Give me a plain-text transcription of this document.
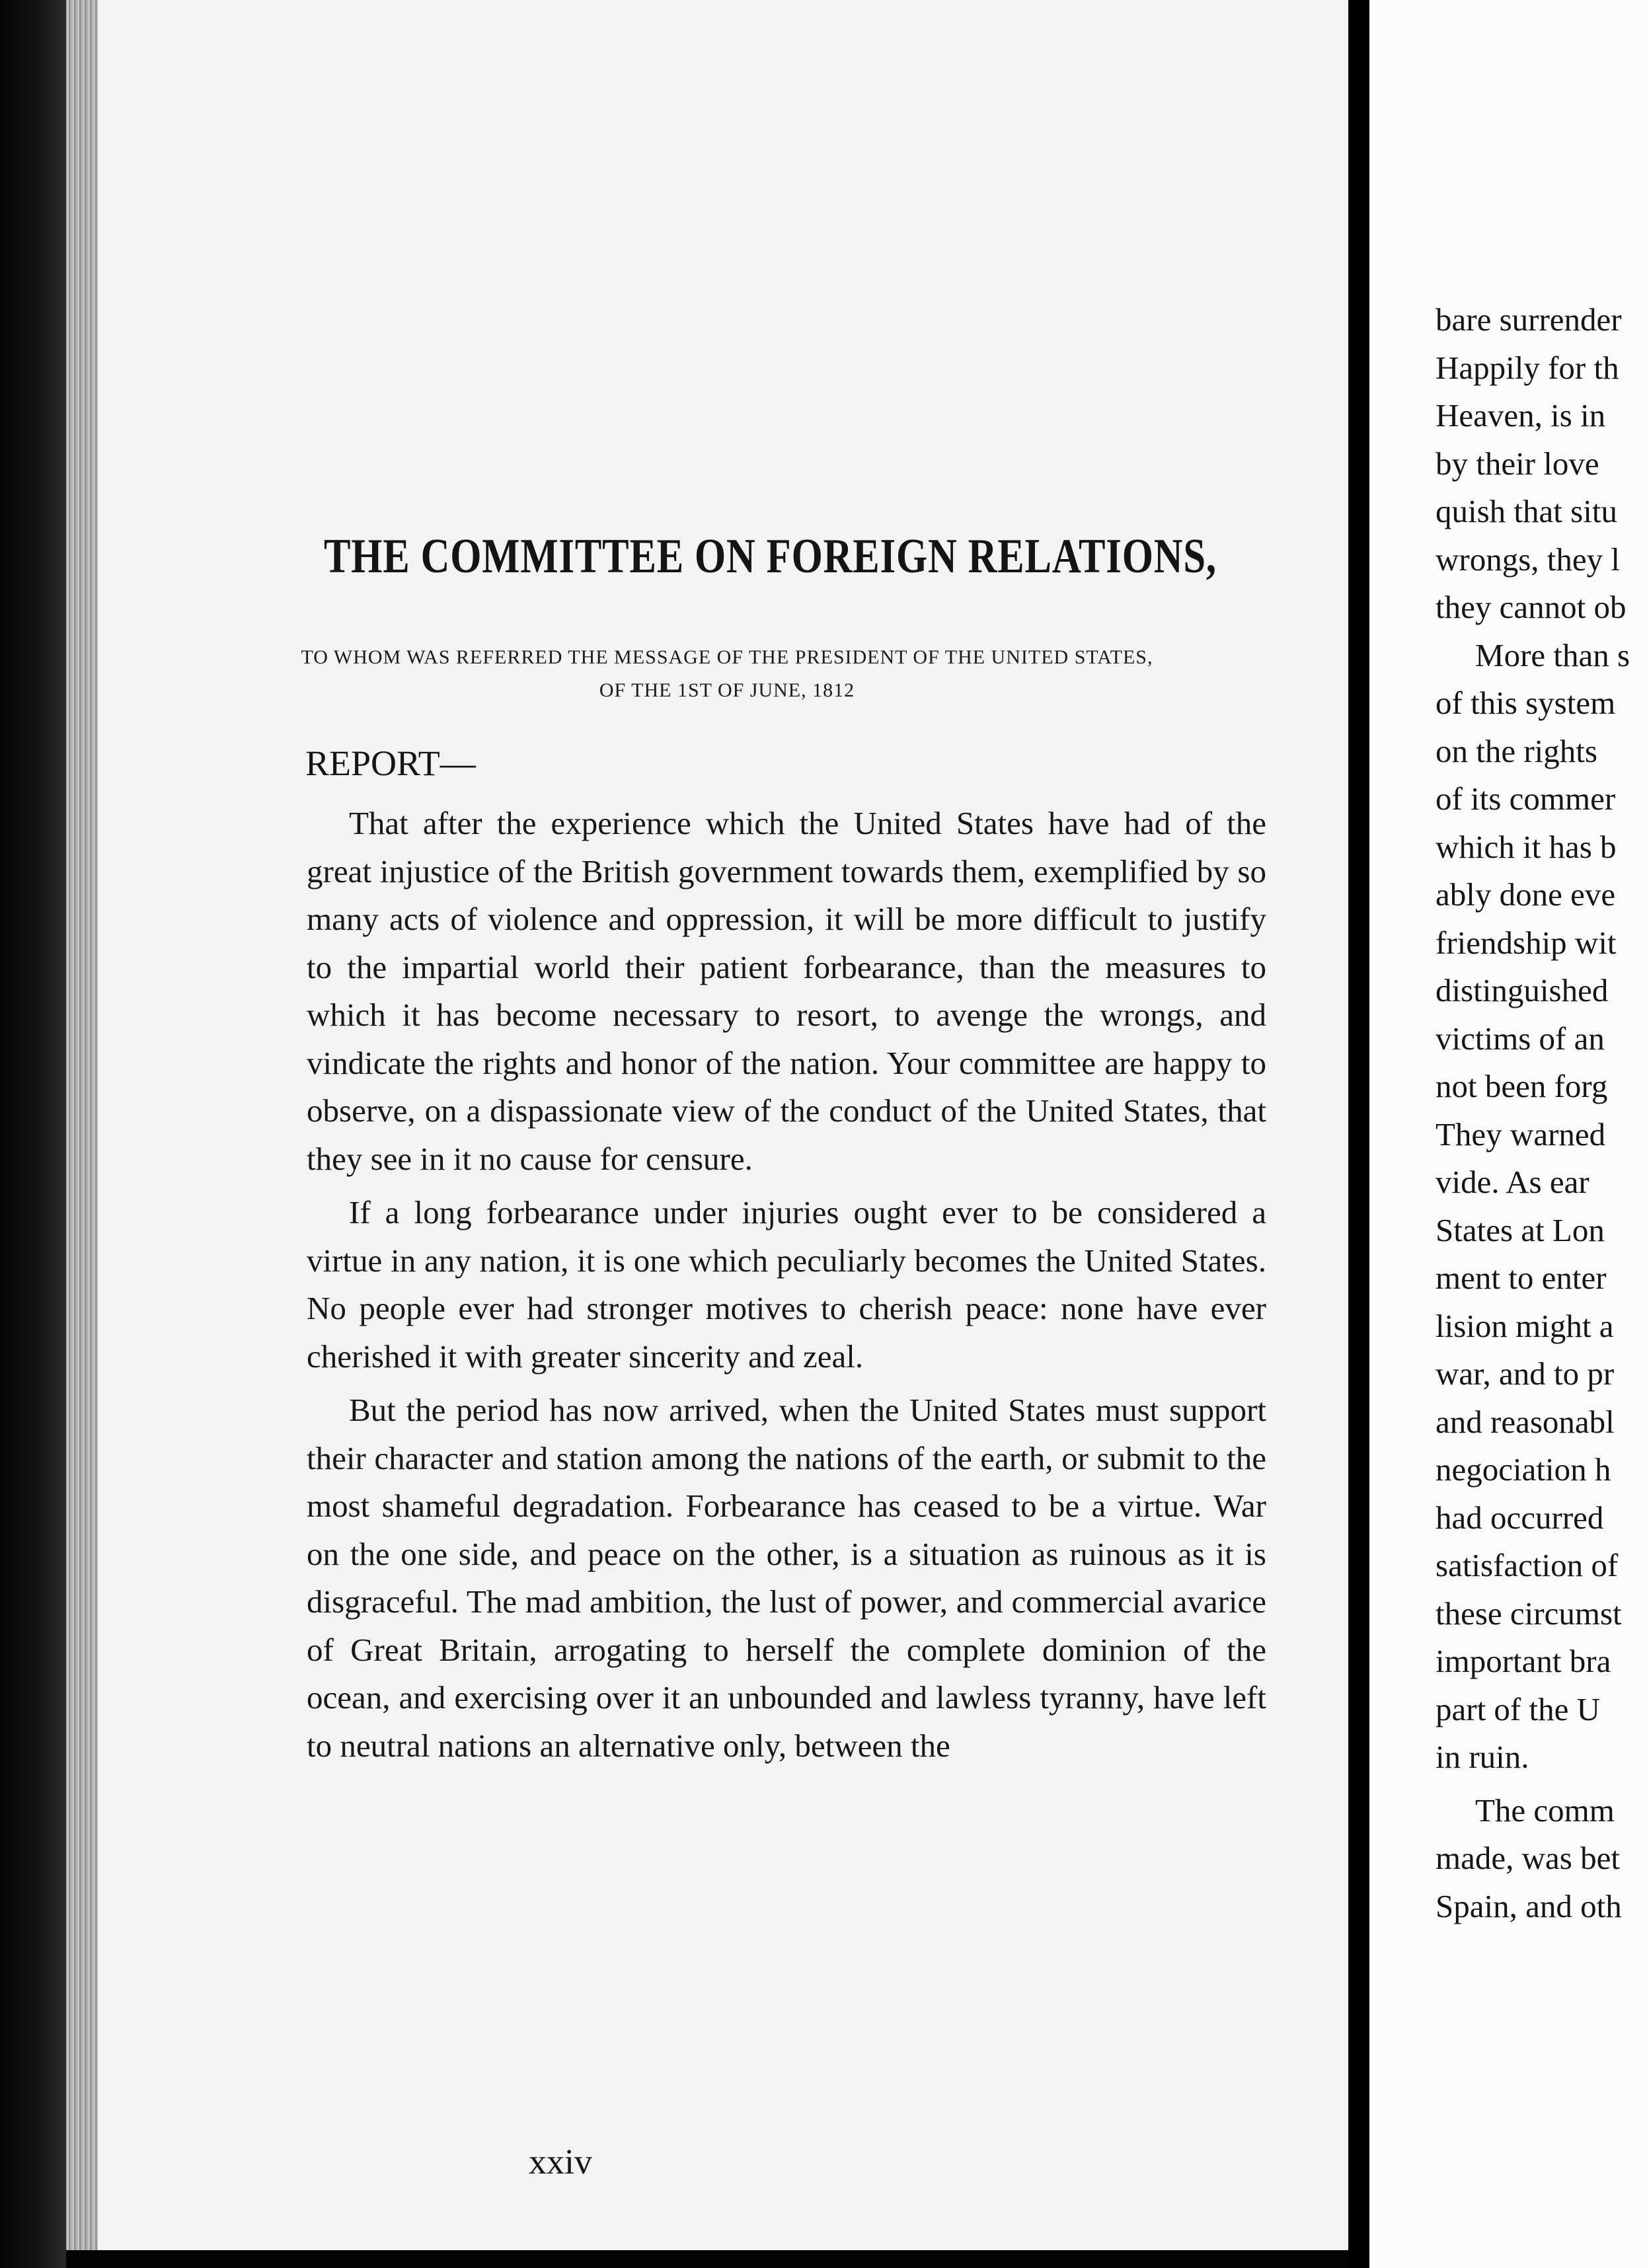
THE COMMITTEE ON FOREIGN RELATIONS,
TO WHOM WAS REFERRED THE MESSAGE OF THE PRESIDENT OF THE UNITED STATES,
OF THE 1ST OF JUNE, 1812
REPORT—

That after the experience which the United States have had of the great injustice of the British government towards them, exemplified by so many acts of violence and oppression, it will be more difficult to justify to the impartial world their patient forbearance, than the measures to which it has become necessary to resort, to avenge the wrongs, and vindicate the rights and honor of the nation. Your committee are happy to observe, on a dispassionate view of the conduct of the United States, that they see in it no cause for censure.

If a long forbearance under injuries ought ever to be considered a virtue in any nation, it is one which peculiarly becomes the United States. No people ever had stronger motives to cherish peace: none have ever cherished it with greater sincerity and zeal.

But the period has now arrived, when the United States must support their character and station among the nations of the earth, or submit to the most shameful degradation. Forbearance has ceased to be a virtue. War on the one side, and peace on the other, is a situation as ruinous as it is disgraceful. The mad ambition, the lust of power, and commercial avarice of Great Britain, arrogating to herself the complete dominion of the ocean, and exercising over it an unbounded and lawless tyranny, have left to neutral nations an alternative only, between the

xxiv
bare surrender
Happily for th
Heaven, is in
by their love
quish that situ
wrongs, they l
they cannot ob
More than s
of this system
on the rights
of its commer
which it has b
ably done eve
friendship wit
distinguished
victims of an
not been forg
They warned
vide. As ear
States at Lon
ment to enter
lision might a
war, and to pr
and reasonabl
negociation h
had occurred
satisfaction of
these circumst
important bra
part of the U
in ruin.
The comm
made, was bet
Spain, and oth
